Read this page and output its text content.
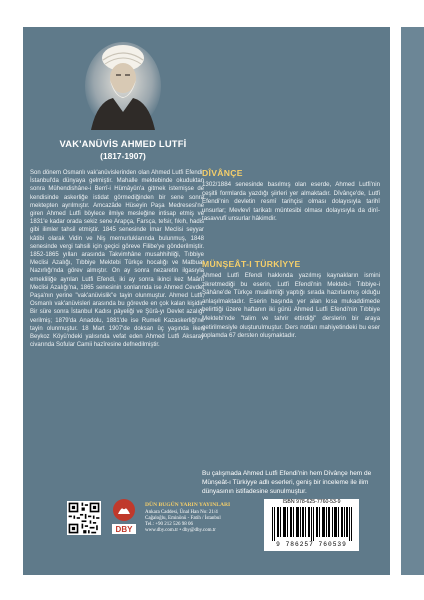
VAK'ANÜVİS AHMED LUTFİ
(1817-1907)

Son dönem Osmanlı vak'anüvislerinden olan Ahmed Lutfi Efendi, İstanbul'da dünyaya gelmiştir. Mahalle mektebinde okuduktan sonra Mühendishâne-i Berrî-i Hümâyûn'a gitmek istemişse de kendisinde askerliğe istidat görmediğinden bir sene sonra mektepten ayrılmıştır. Amcazâde Hüseyin Paşa Medresesi'ne giren Ahmed Lutfi böylece ilmiye mesleğine intisap etmiş ve 1831'e kadar orada sekiz sene Arapça, Farsça, tefsir, fıkıh, hadis gibi ilimler tahsil etmiştir. 1845 senesinde İmar Meclisi seyyar kâtibi olarak Vidin ve Niş memurluklarında bulunmuş, 1848 senesinde vergi tahsili için geçici göreve Filibe'ye gönderilmiştir. 1852-1865 yılları arasında Takvimhâne musahhihliği, Tıbbiye Meclisi Azalığı, Tıbbiye Mektebi Türkçe hocalığı ve Matbuat Nazırlığı'nda görev almıştır. On ay sonra nezaretin ilgasıyla emekliliğe ayrılan Lutfi Efendi, iki ay sonra ikinci kez Maârif Meclisi Azalığı'na, 1865 senesinin sonlarında ise Ahmed Cevdet Paşa'nın yerine "vak'anüvislik"e tayin olunmuştur. Ahmed Lutfi, Osmanlı vak'anüvisleri arasında bu görevde en çok kalan kişidir. Bir süre sonra İstanbul Kadısı pâyeliği ve Şûrâ-yı Devlet azalığı verilmiş; 1879'da Anadolu, 1881'de ise Rumeli Kazaskerliği'ne tayin olunmuştur. 18 Mart 1907'de doksan üç yaşında iken Beykoz Köyü'ndeki yalısında vefat eden Ahmed Lutfi Aksaray civarında Sofular Camii hazîresine defnedilmiştir.

DÎVÂNÇE

1302/1884 senesinde basılmış olan eserde, Ahmed Lutfi'nin çeşitli formlarda yazdığı şiirleri yer almaktadır. Dîvânçe'de, Lutfi Efendi'nin devletin resmî tarihçisi olması dolayısıyla tarihî unsurlar; Mevlevî tarikatı müntesibi olması dolayısıyla da dinî-tasavvufî unsurlar hâkimdir.

MÜNŞEÂT-I TÜRKİYYE

Ahmed Lutfi Efendi hakkında yazılmış kaynakların ismini zikretmediği bu eserin, Lutfi Efendi'nin Mekteb-i Tıbbiye-i Şâhâne'de Türkçe muallimliği yaptığı sırada hazırlanmış olduğu anlaşılmaktadır. Eserin başında yer alan kısa mukaddimede belirttiği üzere haftanın iki günü Ahmed Lutfi Efendi'nin Tıbbiye Mektebi'nde "talim ve tahrir ettirdiği" derslerin bir araya getirilmesiyle oluşturulmuştur. Ders notları mahiyetindeki bu eser toplamda 67 dersten oluşmaktadır.

Bu çalışmada Ahmed Lutfi Efendi'nin hem Dîvânçe hem de Münşeât-ı Türkiyye adlı eserleri, geniş bir inceleme ile ilim dünyasının istifadesine sunulmuştur.

DBY
DÜN BUGÜN YARIN YAYINLARI
Ankara Caddesi, Ünal Han No: 21/4
Cağaloğlu, Eminönü - Fatih / İstanbul
Tel.: +90 212 526 98 06
www.dby.com.tr • dby@dby.com.tr
ISBN 978-625-7760-53-9
9 786257 760539
